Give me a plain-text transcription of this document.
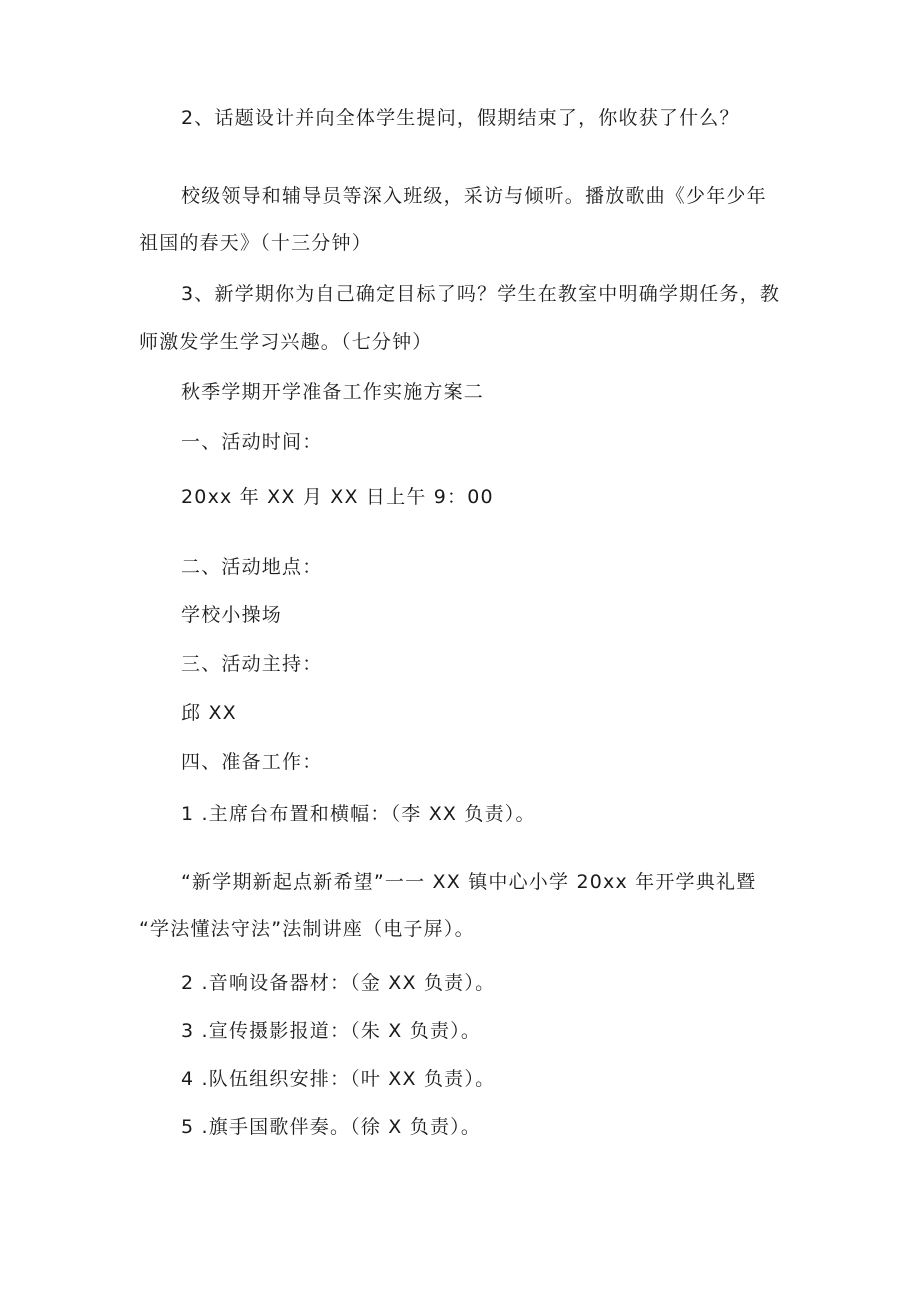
2、话题设计并向全体学生提问，假期结束了，你收获了什么？
校级领导和辅导员等深入班级，采访与倾听。播放歌曲《少年少年
祖国的春天》（十三分钟）
3、新学期你为自己确定目标了吗？学生在教室中明确学期任务，教
师激发学生学习兴趣。（七分钟）
秋季学期开学准备工作实施方案二
一、活动时间：
20xx 年 XX 月 XX 日上午 9：00
二、活动地点：
学校小操场
三、活动主持：
邱 XX
四、准备工作：
1 .主席台布置和横幅：（李 XX 负责）。
“新学期新起点新希望”一一 XX 镇中心小学 20xx 年开学典礼暨
“学法懂法守法”法制讲座（电子屏）。
2 .音响设备器材：（金 XX 负责）。
3 .宣传摄影报道：（朱 X 负责）。
4 .队伍组织安排：（叶 XX 负责）。
5 .旗手国歌伴奏。（徐 X 负责）。
